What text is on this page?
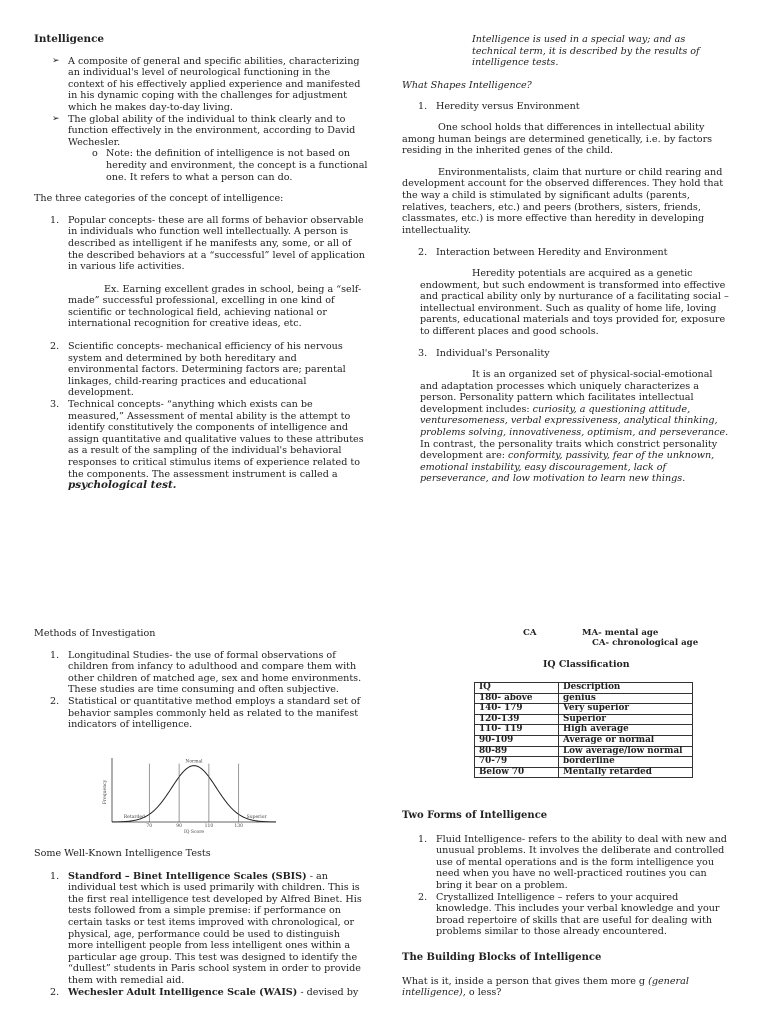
Intelligence

➢ A composite of general and specific abilities, characterizing an individual's level of neurological functioning in the context of his effectively applied experience and manifested in his dynamic coping with the challenges for adjustment which he makes day-to-day living.
➢ The global ability of the individual to think clearly and to function effectively in the environment, according to David Wechesler.

o Note: the definition of intelligence is not based on heredity and environment, the concept is a functional one. It refers to what a person can do.

The three categories of the concept of intelligence:

1. Popular concepts- these are all forms of behavior observable in individuals who function well intellectually. A person is described as intelligent if he manifests any, some, or all of the described behaviors at a “successful” level of application in various life activities.

Ex. Earning excellent grades in school, being a “self-made” successful professional, excelling in one kind of scientific or technological field, achieving national or international recognition for creative ideas, etc.

2. Scientific concepts- mechanical efficiency of his nervous system and determined by both hereditary and environmental factors. Determining factors are; parental linkages, child-rearing practices and educational development.
3. Technical concepts- “anything which exists can be measured,” Assessment of mental ability is the attempt to identify constitutively the components of intelligence and assign quantitative and qualitative values to these attributes as a result of the sampling of the individual's behavioral responses to critical stimulus items of experience related to the components. The assessment instrument is called a
psychological test.

Intelligence is used in a special way; and as technical term, it is described by the results of intelligence tests.

What Shapes Intelligence?

1. Heredity versus Environment

One school holds that differences in intellectual ability among human beings are determined genetically, i.e. by factors residing in the inherited genes of the child.

Environmentalists, claim that nurture or child rearing and development account for the observed differences. They hold that the way a child is stimulated by significant adults (parents, relatives, teachers, etc.) and peers (brothers, sisters, friends, classmates, etc.) is more effective than heredity in developing intellectuality.

2. Interaction between Heredity and Environment

Heredity potentials are acquired as a genetic endowment, but such endowment is transformed into effective and practical ability only by nurturance of a facilitating social –intellectual environment. Such as quality of home life, loving parents, educational materials and toys provided for, exposure to different places and good schools.

3. Individual's Personality

It is an organized set of physical-social-emotional and adaptation processes which uniquely characterizes a person. Personality pattern which facilitates intellectual development includes: curiosity, a questioning attitude, venturesomeness, verbal expressiveness, analytical thinking, problems solving, innovativeness, optimism, and perseverance. In contrast, the personality traits which constrict personality development are: conformity, passivity, fear of the unknown, emotional instability, easy discouragement, lack of perseverance, and low motivation to learn new things.

Methods of Investigation

1. Longitudinal Studies- the use of formal observations of children from infancy to adulthood and compare them with other children of matched age, sex and home environments. These studies are time consuming and often subjective.
2. Statistical or quantitative method employs a standard set of behavior samples commonly held as related to the manifest indicators of intelligence.
70	90	110	130
Frequency
IQ Score
Normal
Retarded	Superior

Some Well-Known Intelligence Tests

1. Standford – Binet Intelligence Scales (SBIS) - an individual test which is used primarily with children. This is the first real intelligence test developed by Alfred Binet. His tests followed from a simple premise: if performance on certain tasks or test items improved with chronological, or physical, age, performance could be used to distinguish more intelligent people from less intelligent ones within a particular age group. This test was designed to identify the “dullest” students in Paris school system in order to provide them with remedial aid.
2. Wechesler Adult Intelligence Scale (WAIS) - devised by
CA	MA- mental age
CA- chronological age
IQ Classification
IQ	Description
180- above	genius
140- 179	Very superior
120-139	Superior
110- 119	High average
90-109	Average or normal
80-89	Low average/low normal
70-79	borderline
Below 70	Mentally retarded

Two Forms of Intelligence

1. Fluid Intelligence- refers to the ability to deal with new and unusual problems. It involves the deliberate and controlled use of mental operations and is the form intelligence you need when you have no well-practiced routines you can bring it bear on a problem.
2. Crystallized Intelligence – refers to your acquired knowledge. This includes your verbal knowledge and your broad repertoire of skills that are useful for dealing with problems similar to those already encountered.

The Building Blocks of Intelligence

What is it, inside a person that gives them more g (general intelligence), o less?
